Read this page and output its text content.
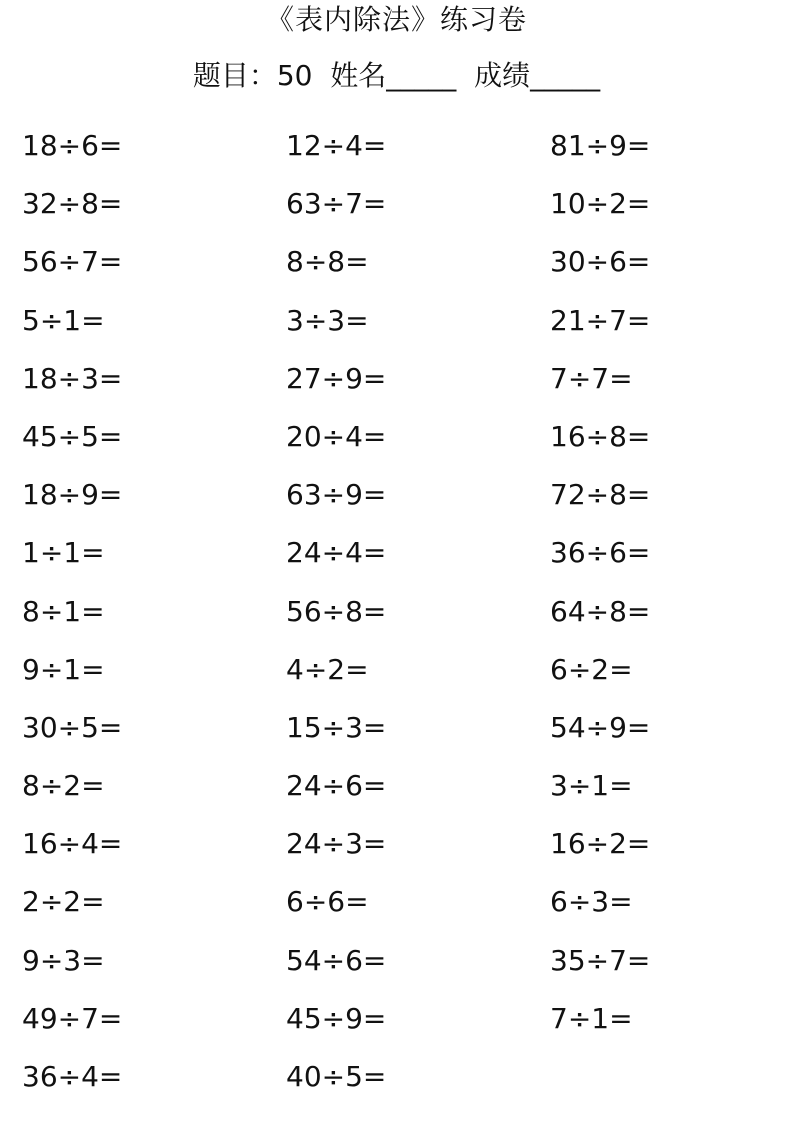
《表内除法》练习卷
题目：50 姓名_____ 成绩_____
18÷6=	12÷4=	81÷9=
32÷8=	63÷7=	10÷2=
56÷7=	8÷8=	30÷6=
5÷1=	3÷3=	21÷7=
18÷3=	27÷9=	7÷7=
45÷5=	20÷4=	16÷8=
18÷9=	63÷9=	72÷8=
1÷1=	24÷4=	36÷6=
8÷1=	56÷8=	64÷8=
9÷1=	4÷2=	6÷2=
30÷5=	15÷3=	54÷9=
8÷2=	24÷6=	3÷1=
16÷4=	24÷3=	16÷2=
2÷2=	6÷6=	6÷3=
9÷3=	54÷6=	35÷7=
49÷7=	45÷9=	7÷1=
36÷4=	40÷5=
